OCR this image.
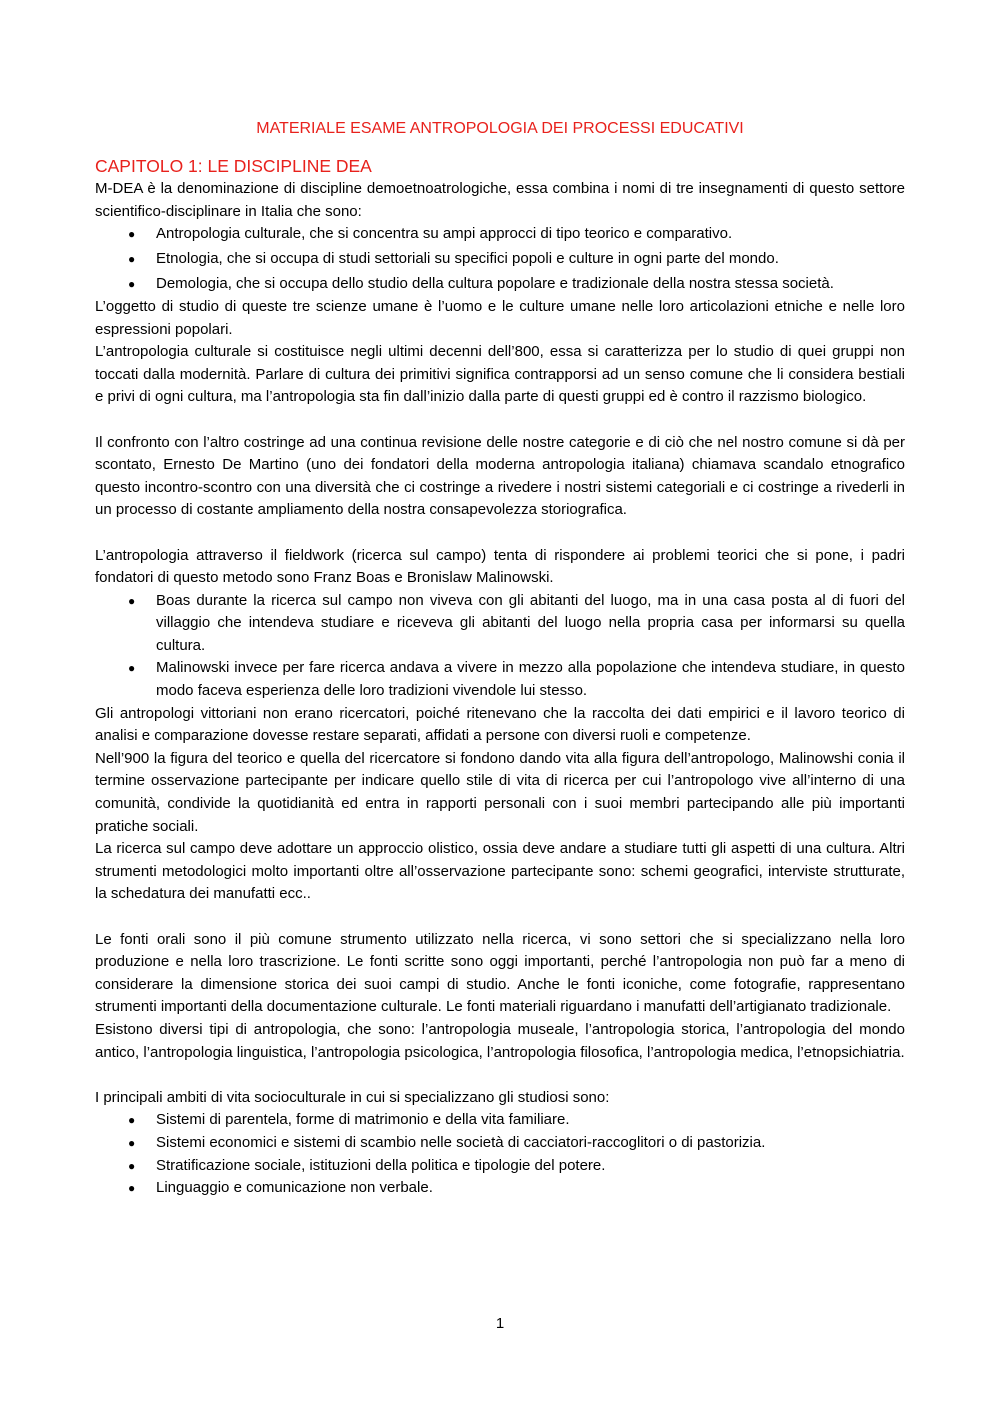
MATERIALE ESAME ANTROPOLOGIA DEI PROCESSI EDUCATIVI
CAPITOLO 1: LE DISCIPLINE DEA

M-DEA è la denominazione di discipline demoetnoatrologiche, essa combina i nomi di tre insegnamenti di questo settore scientifico-disciplinare in Italia che sono:

● Antropologia culturale, che si concentra su ampi approcci di tipo teorico e comparativo.
● Etnologia, che si occupa di studi settoriali su specifici popoli e culture in ogni parte del mondo.
● Demologia, che si occupa dello studio della cultura popolare e tradizionale della nostra stessa società.

L’oggetto di studio di queste tre scienze umane è l’uomo e le culture umane nelle loro articolazioni etniche e nelle loro espressioni popolari.

L’antropologia culturale si costituisce negli ultimi decenni dell’800, essa si caratterizza per lo studio di quei gruppi non toccati dalla modernità. Parlare di cultura dei primitivi significa contrapporsi ad un senso comune che li considera bestiali e privi di ogni cultura, ma l’antropologia sta fin dall’inizio dalla parte di questi gruppi ed è contro il razzismo biologico.

Il confronto con l’altro costringe ad una continua revisione delle nostre categorie e di ciò che nel nostro comune si dà per scontato, Ernesto De Martino (uno dei fondatori della moderna antropologia italiana) chiamava scandalo etnografico questo incontro-scontro con una diversità che ci costringe a rivedere i nostri sistemi categoriali e ci costringe a rivederli in un processo di costante ampliamento della nostra consapevolezza storiografica.

L’antropologia attraverso il fieldwork (ricerca sul campo) tenta di rispondere ai problemi teorici che si pone, i padri fondatori di questo metodo sono Franz Boas e Bronislaw Malinowski.

● Boas durante la ricerca sul campo non viveva con gli abitanti del luogo, ma in una casa posta al di fuori del villaggio che intendeva studiare e riceveva gli abitanti del luogo nella propria casa per informarsi su quella cultura.
● Malinowski invece per fare ricerca andava a vivere in mezzo alla popolazione che intendeva studiare, in questo modo faceva esperienza delle loro tradizioni vivendole lui stesso.

Gli antropologi vittoriani non erano ricercatori, poiché ritenevano che la raccolta dei dati empirici e il lavoro teorico di analisi e comparazione dovesse restare separati, affidati a persone con diversi ruoli e competenze.

Nell’900 la figura del teorico e quella del ricercatore si fondono dando vita alla figura dell’antropologo, Malinowshi conia il termine osservazione partecipante per indicare quello stile di vita di ricerca per cui l’antropologo vive all’interno di una comunità, condivide la quotidianità ed entra in rapporti personali con i suoi membri partecipando alle più importanti pratiche sociali.

La ricerca sul campo deve adottare un approccio olistico, ossia deve andare a studiare tutti gli aspetti di una cultura. Altri strumenti metodologici molto importanti oltre all’osservazione partecipante sono: schemi geografici, interviste strutturate, la schedatura dei manufatti ecc..

Le fonti orali sono il più comune strumento utilizzato nella ricerca, vi sono settori che si specializzano nella loro produzione e nella loro trascrizione. Le fonti scritte sono oggi importanti, perché l’antropologia non può far a meno di considerare la dimensione storica dei suoi campi di studio. Anche le fonti iconiche, come fotografie, rappresentano strumenti importanti della documentazione culturale. Le fonti materiali riguardano i manufatti dell’artigianato tradizionale.

Esistono diversi tipi di antropologia, che sono: l’antropologia museale, l’antropologia storica, l’antropologia del mondo antico, l’antropologia linguistica, l’antropologia psicologica, l’antropologia filosofica, l’antropologia medica, l’etnopsichiatria.

I principali ambiti di vita socioculturale in cui si specializzano gli studiosi sono:

● Sistemi di parentela, forme di matrimonio e della vita familiare.
● Sistemi economici e sistemi di scambio nelle società di cacciatori-raccoglitori o di pastorizia.
● Stratificazione sociale, istituzioni della politica e tipologie del potere.
● Linguaggio e comunicazione non verbale.
1
